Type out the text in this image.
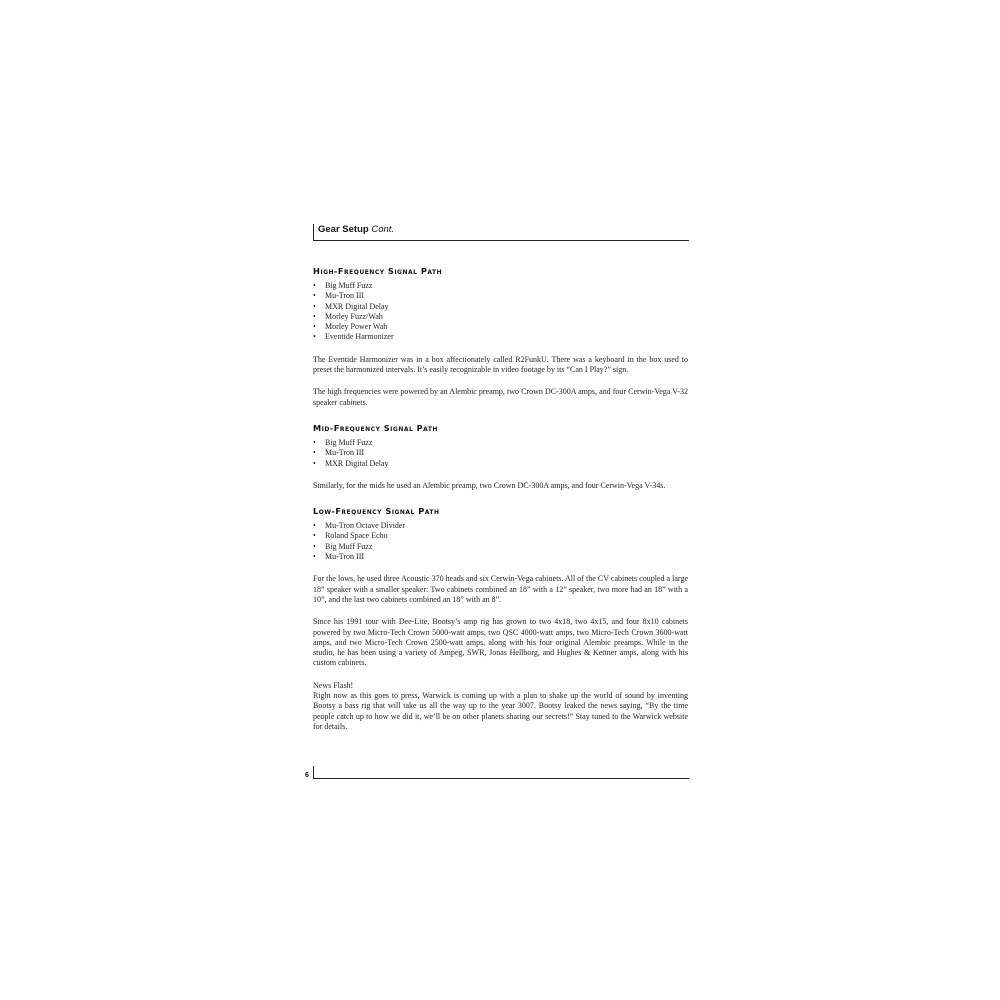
Gear Setup Cont.
High-Frequency Signal Path
• Big Muff Fuzz
• Mu-Tron III
• MXR Digital Delay
• Morley Fuzz/Wah
• Morley Power Wah
• Eventide Harmonizer

The Eventide Harmonizer was in a box affectionately called R2FunkU. There was a keyboard in the box used to preset the harmonized intervals. It’s easily recognizable in video footage by its “Can I Play?” sign.

The high frequencies were powered by an Alembic preamp, two Crown DC-300A amps, and four Cerwin-Vega V-32 speaker cabinets.

Mid-Frequency Signal Path
• Big Muff Fuzz
• Mu-Tron III
• MXR Digital Delay

Similarly, for the mids he used an Alembic preamp, two Crown DC-300A amps, and four Cerwin-Vega V-34s.

Low-Frequency Signal Path
• Mu-Tron Octave Divider
• Roland Space Echo
• Big Muff Fuzz
• Mu-Tron III

For the lows, he used three Acoustic 370 heads and six Cerwin-Vega cabinets. All of the CV cabinets coupled a large 18” speaker with a smaller speaker: Two cabinets combined an 18” with a 12” speaker, two more had an 18” with a 10”, and the last two cabinets combined an 18” with an 8”.

Since his 1991 tour with Dee-Lite, Bootsy’s amp rig has grown to two 4x18, two 4x15, and four 8x10 cabinets powered by two Micro-Tech Crown 5000-watt amps, two QSC 4000-watt amps, two Micro-Tech Crown 3600-watt amps, and two Micro-Tech Crown 2500-watt amps, along with his four original Alembic preamps. While in the studio, he has been using a variety of Ampeg, SWR, Jonas Hellborg, and Hughes & Kettner amps, along with his custom cabinets.

News Flash!

Right now as this goes to press, Warwick is coming up with a plan to shake up the world of sound by inventing Bootsy a bass rig that will take us all the way up to the year 3007. Bootsy leaked the news saying, “By the time people catch up to how we did it, we’ll be on other planets sharing our secrets!” Stay tuned to the Warwick website for details.

6
